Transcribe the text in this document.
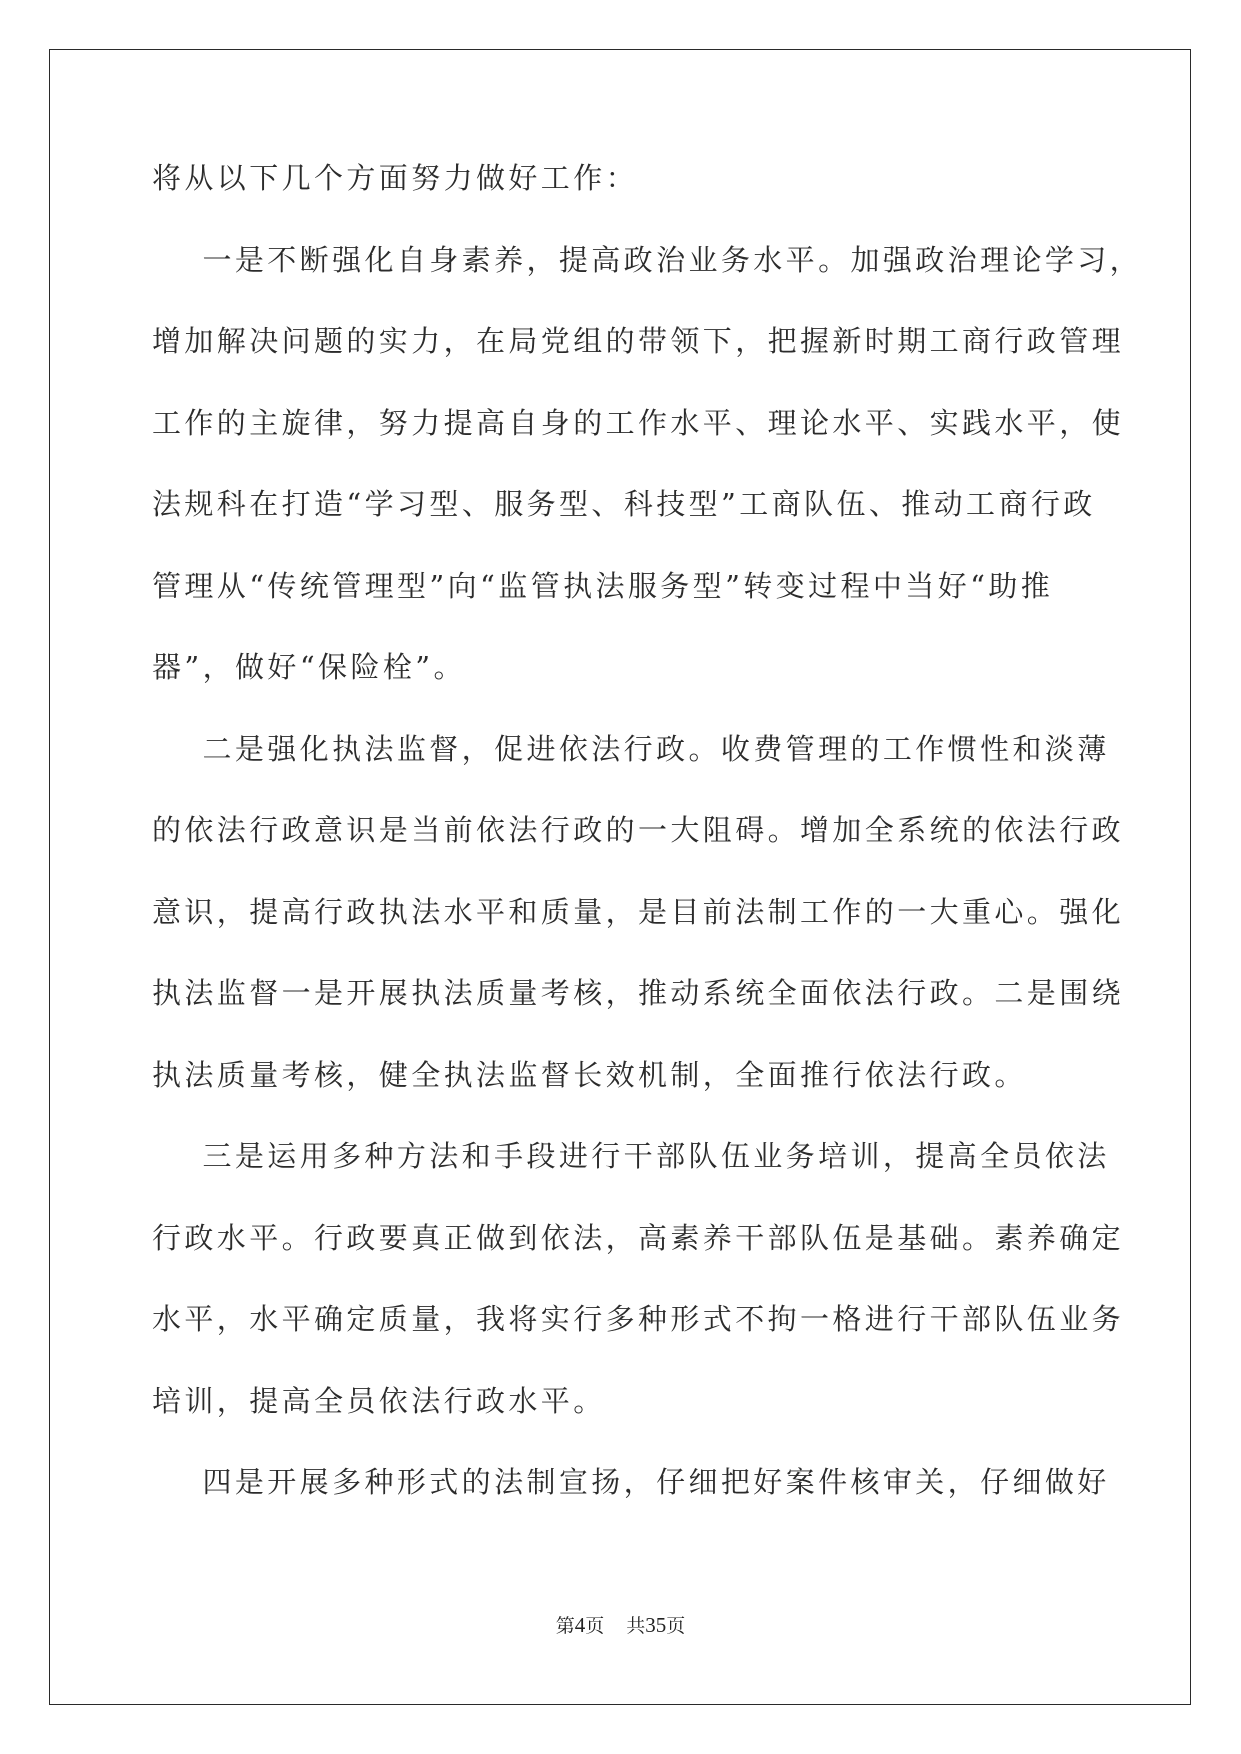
将从以下几个方面努力做好工作：
一是不断强化自身素养，提高政治业务水平。加强政治理论学习，
增加解决问题的实力，在局党组的带领下，把握新时期工商行政管理
工作的主旋律，努力提高自身的工作水平、理论水平、实践水平，使
法规科在打造“学习型、服务型、科技型”工商队伍、推动工商行政
管理从“传统管理型”向“监管执法服务型”转变过程中当好“助推
器”，做好“保险栓”。
二是强化执法监督，促进依法行政。收费管理的工作惯性和淡薄
的依法行政意识是当前依法行政的一大阻碍。增加全系统的依法行政
意识，提高行政执法水平和质量，是目前法制工作的一大重心。强化
执法监督一是开展执法质量考核，推动系统全面依法行政。二是围绕
执法质量考核，健全执法监督长效机制，全面推行依法行政。
三是运用多种方法和手段进行干部队伍业务培训，提高全员依法
行政水平。行政要真正做到依法，高素养干部队伍是基础。素养确定
水平，水平确定质量，我将实行多种形式不拘一格进行干部队伍业务
培训，提高全员依法行政水平。
四是开展多种形式的法制宣扬，仔细把好案件核审关，仔细做好
第4页 共35页
